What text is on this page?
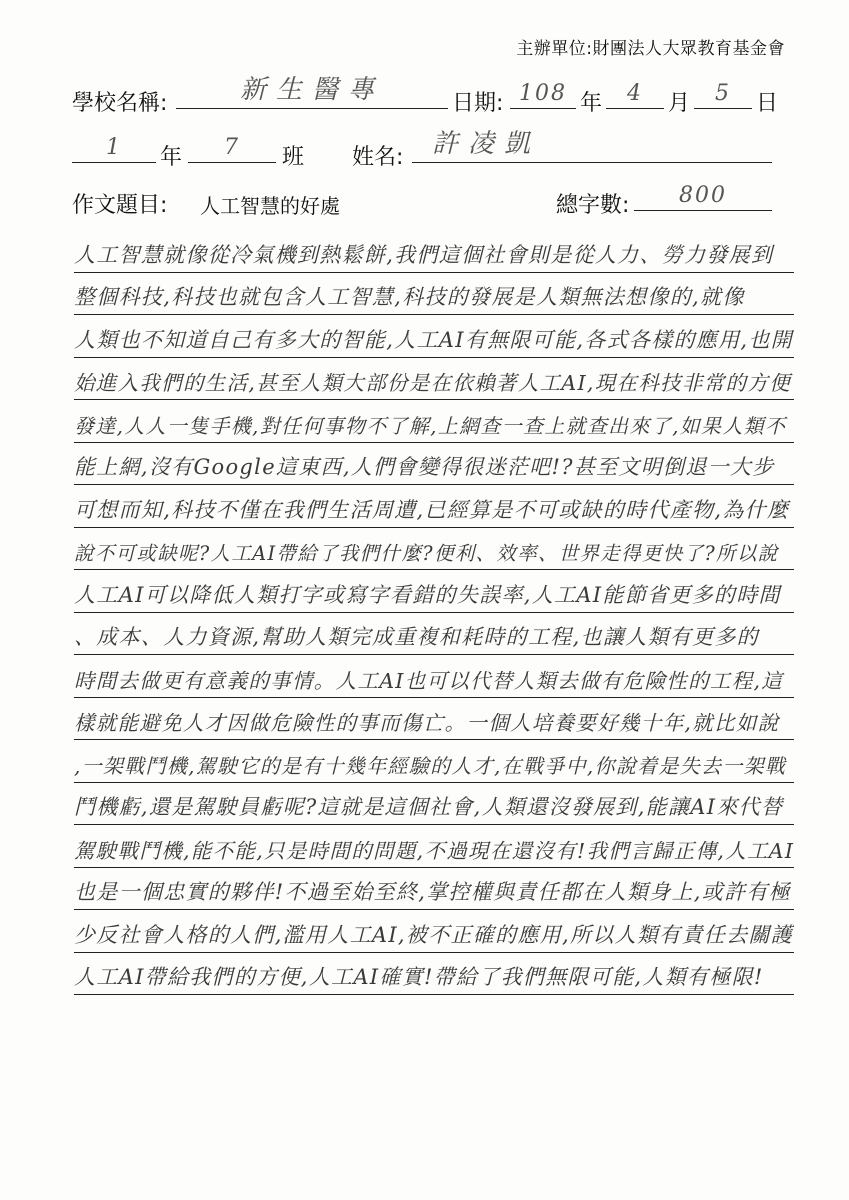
主辦單位:財團法人大眾教育基金會
學校名稱:	新生醫專	日期: 108 年	4	月	5	日
1	年	7	班 姓名: 許凌凱
作文題目: 人工智慧的好處	總字數:	800
人工智慧就像從冷氣機到熱鬆餅,我們這個社會則是從人力、勞力發展到
整個科技,科技也就包含人工智慧,科技的發展是人類無法想像的,就像
人類也不知道自己有多大的智能,人工AI有無限可能,各式各樣的應用,也開
始進入我們的生活,甚至人類大部份是在依賴著人工AI,現在科技非常的方便
發達,人人一隻手機,對任何事物不了解,上網查一查上就查出來了,如果人類不
能上網,沒有Google這東西,人們會變得很迷茫吧!?甚至文明倒退一大步
可想而知,科技不僅在我們生活周遭,已經算是不可或缺的時代產物,為什麼
說不可或缺呢?人工AI帶給了我們什麼?便利、效率、世界走得更快了?所以說
人工AI可以降低人類打字或寫字看錯的失誤率,人工AI能節省更多的時間
、成本、人力資源,幫助人類完成重複和耗時的工程,也讓人類有更多的
時間去做更有意義的事情。人工AI也可以代替人類去做有危險性的工程,這
樣就能避免人才因做危險性的事而傷亡。一個人培養要好幾十年,就比如說
,一架戰鬥機,駕駛它的是有十幾年經驗的人才,在戰爭中,你說着是失去一架戰
鬥機虧,還是駕駛員虧呢?這就是這個社會,人類還沒發展到,能讓AI來代替
駕駛戰鬥機,能不能,只是時間的問題,不過現在還沒有!我們言歸正傳,人工AI
也是一個忠實的夥伴!不過至始至終,掌控權與責任都在人類身上,或許有極
少反社會人格的人們,濫用人工AI,被不正確的應用,所以人類有責任去關護
人工AI帶給我們的方便,人工AI確實!帶給了我們無限可能,人類有極限!
